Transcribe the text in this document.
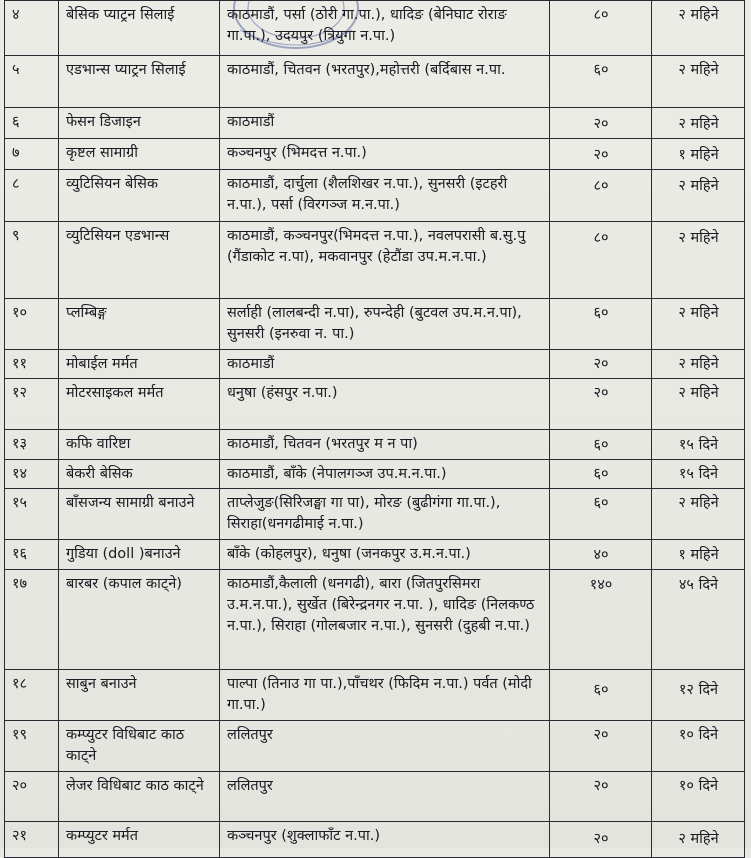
४	बेसिक प्याट्रन सिलाई	काठमाडौं, पर्सा (ठोरी गा.पा.), धादिङ (बेनिघाट रोराङ गा.पा.), उदयपुर (त्रियुगा न.पा.)	८०	२ महिने
५	एडभान्स प्याट्रन सिलाई	काठमाडौं, चितवन (भरतपुर),महोत्तरी (बर्दिबास न.पा.	६०	२ महिने
६	फेसन डिजाइन	काठमाडौं	२०	२ महिने
७	कृष्टल सामाग्री	कञ्चनपुर (भिमदत्त न.पा.)	२०	१ महिने
८	व्युटिसियन बेसिक	काठमाडौं, दार्चुला (शैलशिखर न.पा.), सुनसरी (इटहरी न.पा.), पर्सा (विरगञ्ज म.न.पा.)	८०	२ महिने
९	व्युटिसियन एडभान्स	काठमाडौं, कञ्चनपुर(भिमदत्त न.पा.), नवलपरासी ब.सु.पु (गैंडाकोट न.पा), मकवानपुर (हेटौंडा उप.म.न.पा.)	८०	२ महिने
१०	प्लम्बिङ्ग	सर्लाही (लालबन्दी न.पा), रुपन्देही (बुटवल उप.म.न.पा), सुनसरी (इनरुवा न. पा.)	६०	२ महिने
११	मोबाईल मर्मत	काठमाडौं	२०	२ महिने
१२	मोटरसाइकल मर्मत	धनुषा (हंसपुर न.पा.)	२०	२ महिने
१३	कफि वारिष्टा	काठमाडौं, चितवन (भरतपुर म न पा)	६०	१५ दिने
१४	बेकरी बेसिक	काठमाडौं, बाँके (नेपालगञ्ज उप.म.न.पा.)	६०	१५ दिने
१५	बाँसजन्य सामाग्री बनाउने	ताप्लेजुङ(सिरिजङ्घा गा पा), मोरङ (बुढीगंगा गा.पा.), सिराहा(धनगढीमाई न.पा.)	६०	२ महिने
१६	गुडिया (doll )बनाउने	बाँके (कोहलपुर), धनुषा (जनकपुर उ.म.न.पा.)	४०	१ महिने
१७	बारबर (कपाल काट्ने)	काठमाडौं,कैलाली (धनगढी), बारा (जितपुरसिमरा उ.म.न.पा.), सुर्खेत (बिरेन्द्रनगर न.पा. ), धादिङ (निलकण्ठ न.पा.), सिराहा (गोलबजार न.पा.), सुनसरी (दुहबी न.पा.)	१४०	४५ दिने
१८	साबुन बनाउने	पाल्पा (तिनाउ गा पा.),पाँचथर (फिदिम न.पा.) पर्वत (मोदी गा.पा.)	६०	१२ दिने
१९	कम्प्युटर विधिबाट काठ काट्ने	ललितपुर	२०	१० दिने
२०	लेजर विधिबाट काठ काट्ने	ललितपुर	२०	१० दिने
२१	कम्प्युटर मर्मत	कञ्चनपुर (शुक्लाफाँट न.पा.)	२०	२ महिने
